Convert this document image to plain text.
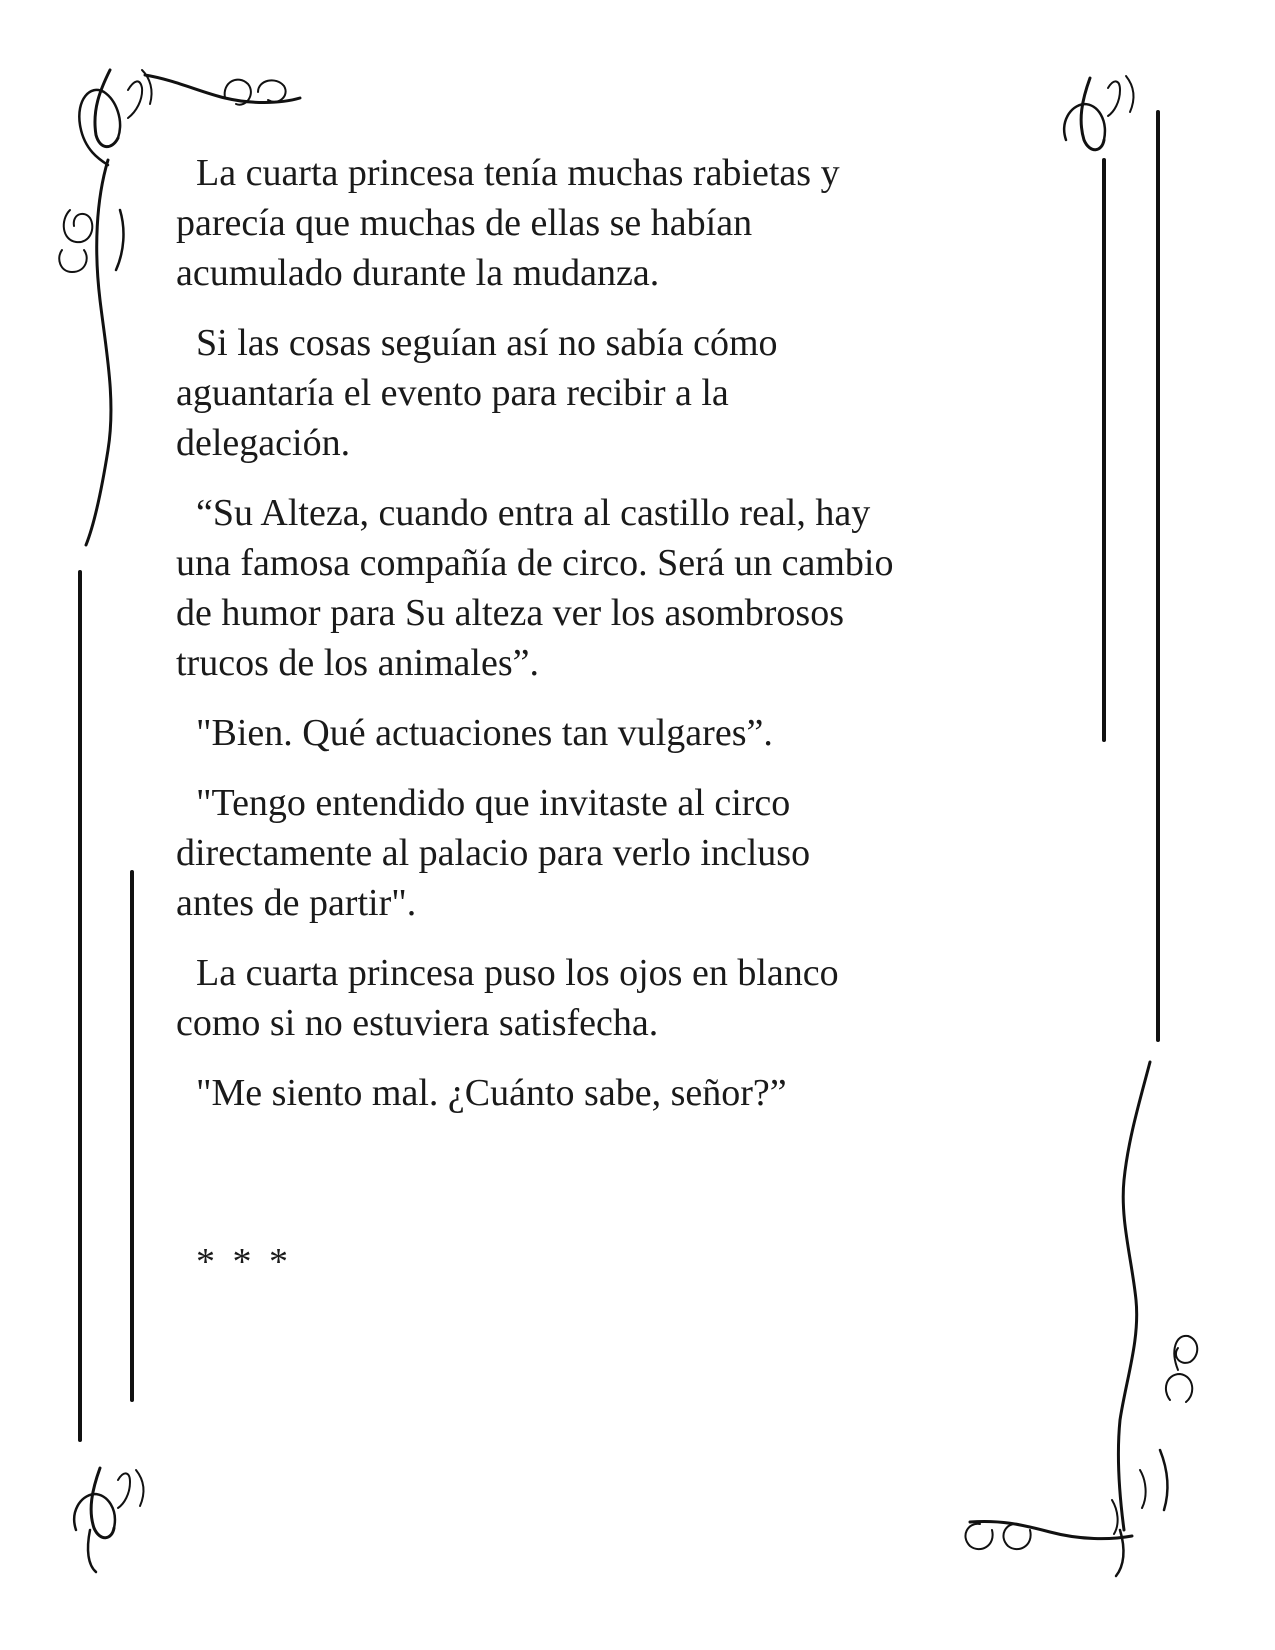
La cuarta princesa tenía muchas rabietas y
parecía que muchas de ellas se habían
acumulado durante la mudanza.

Si las cosas seguían así no sabía cómo
aguantaría el evento para recibir a la
delegación.

“Su Alteza, cuando entra al castillo real, hay
una famosa compañía de circo. Será un cambio
de humor para Su alteza ver los asombrosos
trucos de los animales”.

"Bien. Qué actuaciones tan vulgares”.

"Tengo entendido que invitaste al circo
directamente al palacio para verlo incluso
antes de partir".

La cuarta princesa puso los ojos en blanco
como si no estuviera satisfecha.

"Me siento mal. ¿Cuánto sabe, señor?”

* * *
